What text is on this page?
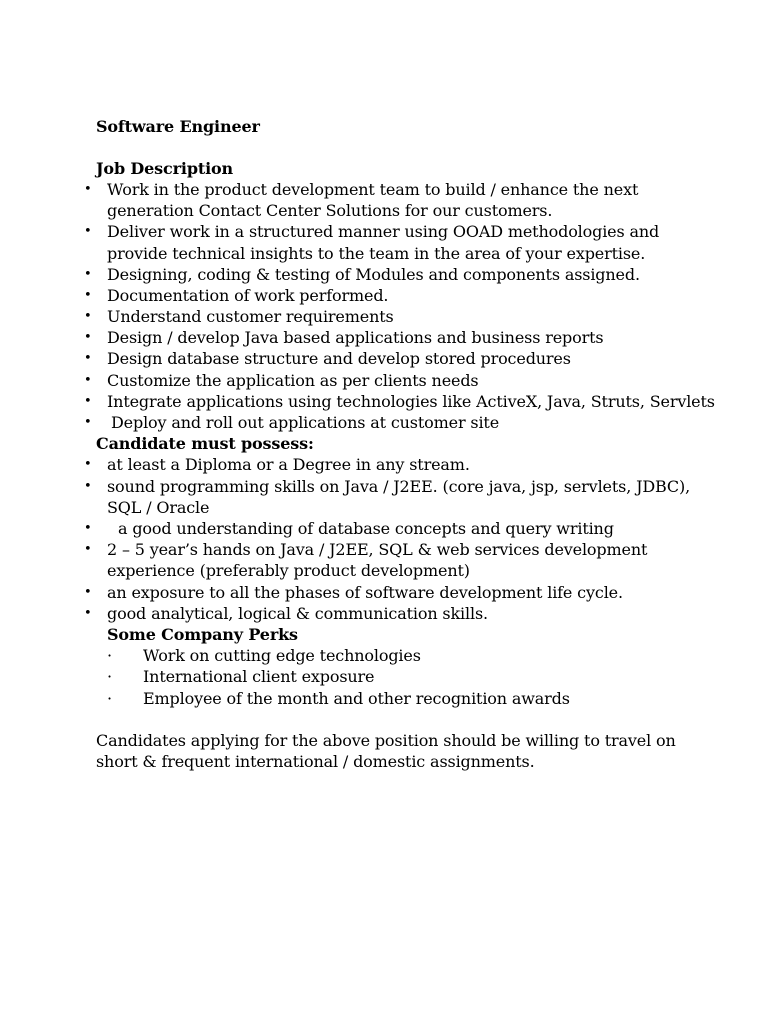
Software Engineer
Job Description
• Work in the product development team to build / enhance the next
generation Contact Center Solutions for our customers.
• Deliver work in a structured manner using OOAD methodologies and
provide technical insights to the team in the area of your expertise.
• Designing, coding & testing of Modules and components assigned.
• Documentation of work performed.
• Understand customer requirements
• Design / develop Java based applications and business reports
• Design database structure and develop stored procedures
• Customize the application as per clients needs
• Integrate applications using technologies like ActiveX, Java, Struts, Servlets
• Deploy and roll out applications at customer site
Candidate must possess:
• at least a Diploma or a Degree in any stream.
• sound programming skills on Java / J2EE. (core java, jsp, servlets, JDBC),
SQL / Oracle
• a good understanding of database concepts and query writing
• 2 – 5 year’s hands on Java / J2EE, SQL & web services development
experience (preferably product development)
• an exposure to all the phases of software development life cycle.
• good analytical, logical & communication skills.
Some Company Perks
· Work on cutting edge technologies
· International client exposure
· Employee of the month and other recognition awards
Candidates applying for the above position should be willing to travel on
short & frequent international / domestic assignments.
